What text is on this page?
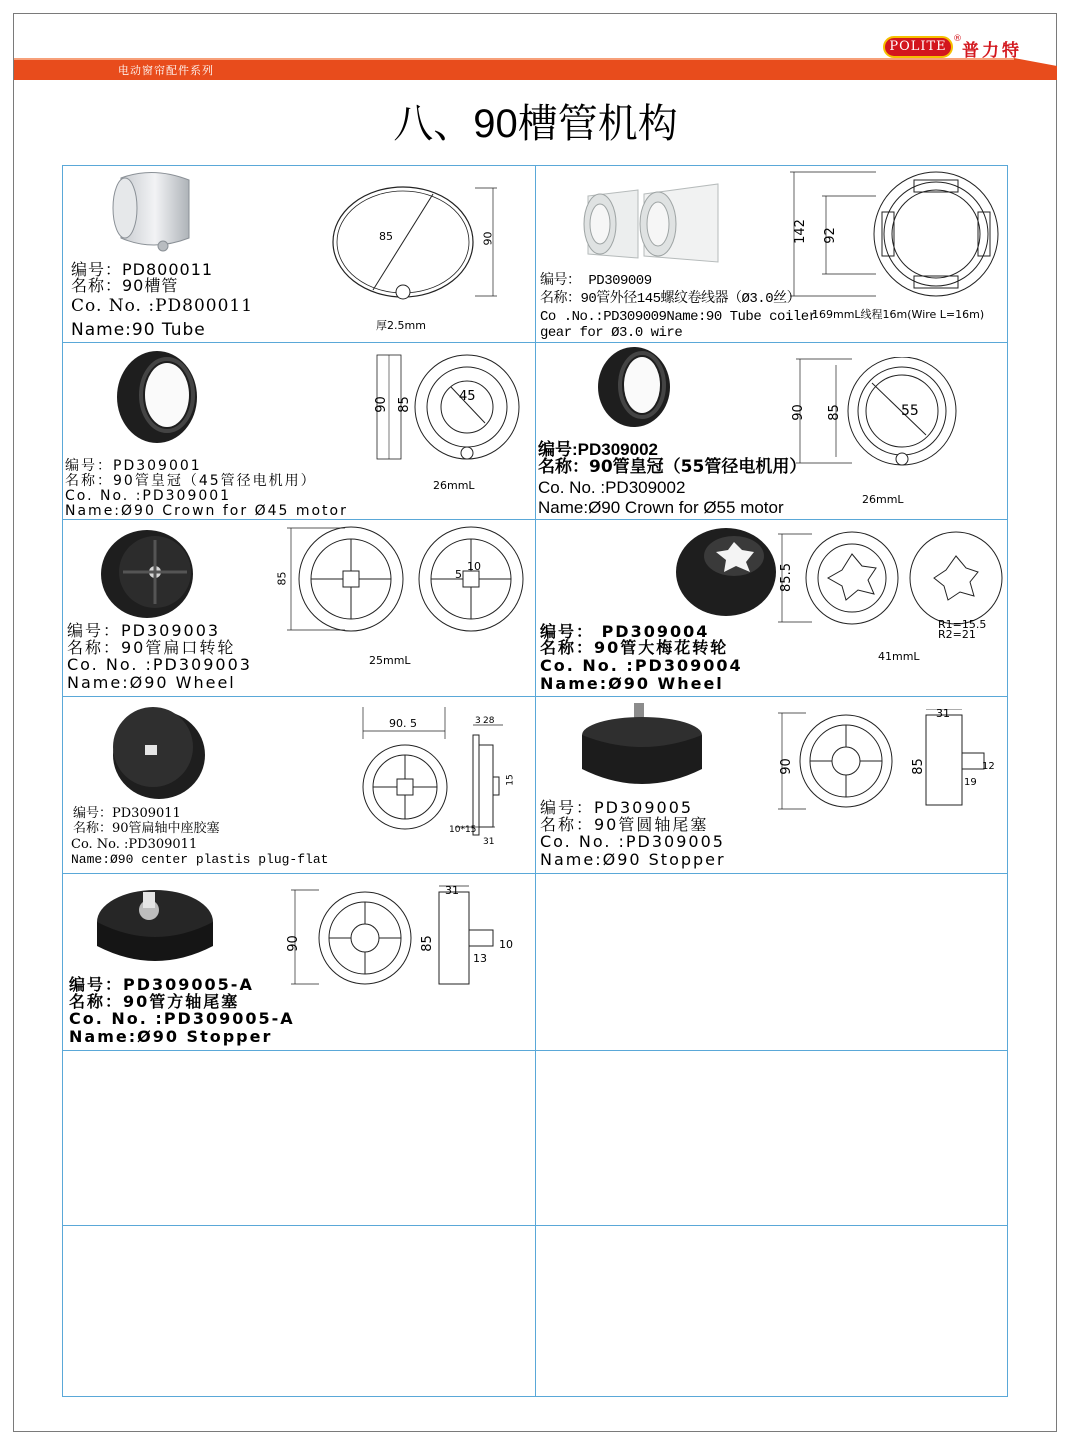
电动窗帘配件系列
POLITE ®
普力特
八、90槽管机构
85	90
厚2.5mm
编号：PD800011
名称：90槽管
Co. No. :PD800011
Name:90 Tube
142 92
169mmL线程16m(Wire L=16m)
编号： PD309009
名称：90管外径145螺纹卷线器（Ø3.0丝）
Co .No.:PD309009Name:90 Tube coiler
gear for Ø3.0 wire
90 85	45
26mmL
编号：PD309001
名称：90管皇冠（45管径电机用）
Co. No. :PD309001
Name:Ø90 Crown for Ø45 motor
90 85	55
26mmL
编号:PD309002
名称：90管皇冠（55管径电机用）
Co. No. :PD309002
Name:Ø90 Crown for Ø55 motor
85	5
10
25mmL
编号：PD309003
名称：90管扁口转轮
Co. No. :PD309003
Name:Ø90 Wheel
85.5
R1=15.5
R2=21
41mmL
编号： PD309004
名称：90管大梅花转轮
Co. No. :PD309004
Name:Ø90 Wheel
90. 5	3 28
15
10*15
31
编号：PD309011
名称：90管扁轴中座胶塞
Co. No. :PD309011
Name:Ø90 center plastis plug-flat
31
90	85	12
19
编号：PD309005
名称：90管圆轴尾塞
Co. No. :PD309005
Name:Ø90 Stopper
31
90	85	10
13
编号：PD309005-A
名称：90管方轴尾塞
Co. No. :PD309005-A
Name:Ø90 Stopper
